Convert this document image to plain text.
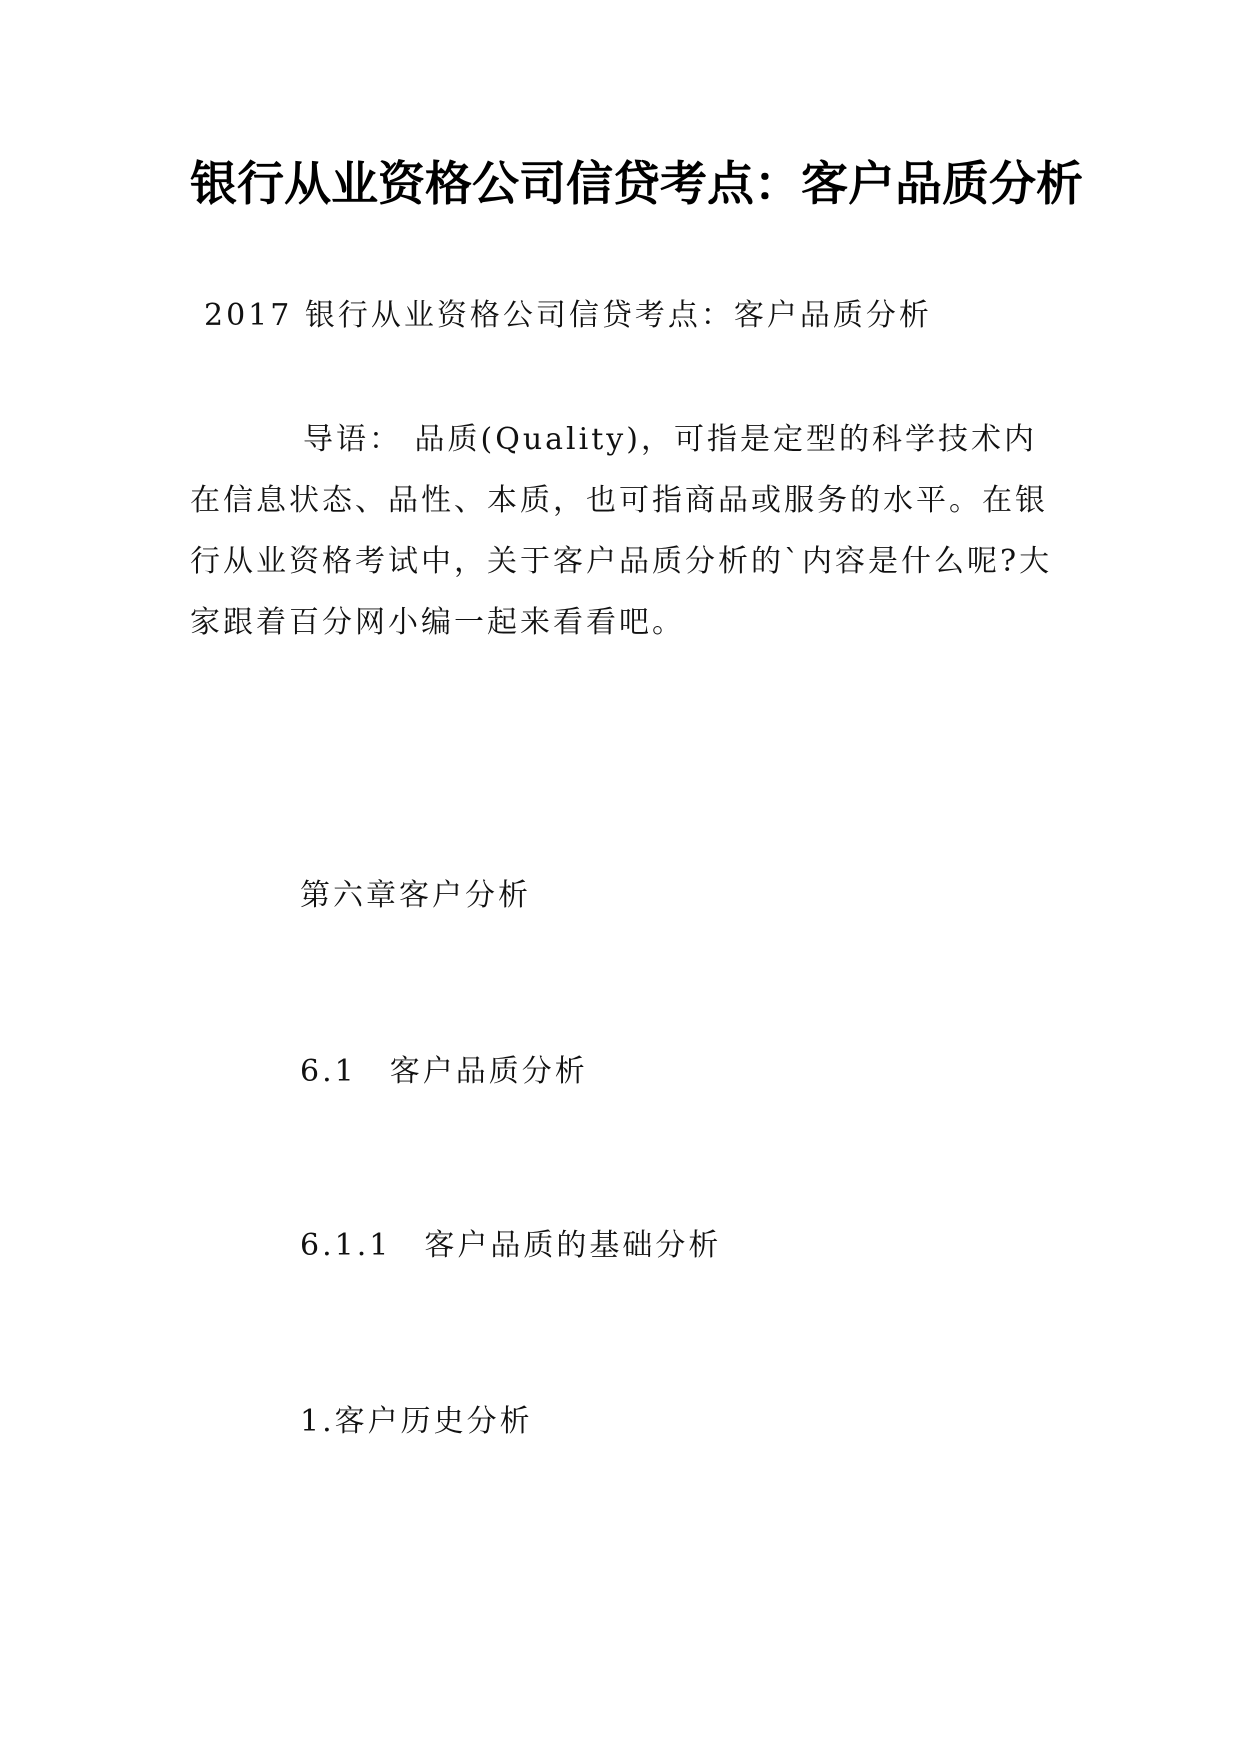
银行从业资格公司信贷考点：客户品质分析

2017 银行从业资格公司信贷考点：客户品质分析

导语： 品质(Quality)，可指是定型的科学技术内在信息状态、品性、本质，也可指商品或服务的水平。在银行从业资格考试中，关于客户品质分析的`内容是什么呢?大家跟着百分网小编一起来看看吧。

第六章客户分析

6.1　客户品质分析

6.1.1　客户品质的基础分析

1.客户历史分析
